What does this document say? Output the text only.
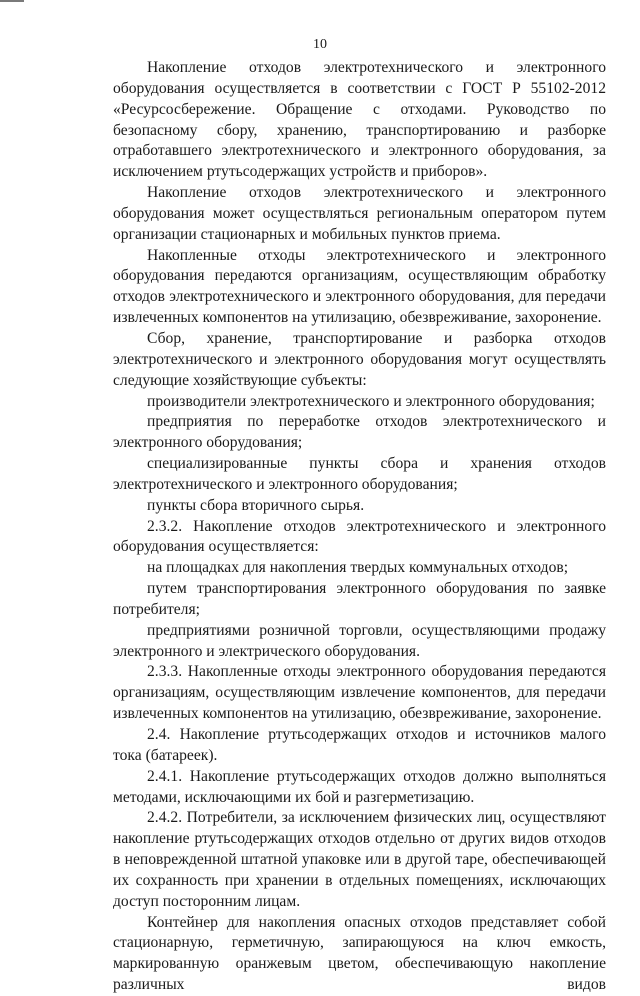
10

Накопление отходов электротехнического и электронного оборудования осуществляется в соответствии с ГОСТ Р 55102-2012 «Ресурсосбережение. Обращение с отходами. Руководство по безопасному сбору, хранению, транспортированию и разборке отработавшего электротехнического и электронного оборудования, за исключением ртутьсодержащих устройств и приборов».

Накопление отходов электротехнического и электронного оборудования может осуществляться региональным оператором путем организации стационарных и мобильных пунктов приема.

Накопленные отходы электротехнического и электронного оборудования передаются организациям, осуществляющим обработку отходов электротехнического и электронного оборудования, для передачи извлеченных компонентов на утилизацию, обезвреживание, захоронение.

Сбор, хранение, транспортирование и разборка отходов электротехнического и электронного оборудования могут осуществлять следующие хозяйствующие субъекты:

производители электротехнического и электронного оборудования;

предприятия по переработке отходов электротехнического и электронного оборудования;

специализированные пункты сбора и хранения отходов электротехнического и электронного оборудования;

пункты сбора вторичного сырья.

2.3.2. Накопление отходов электротехнического и электронного оборудования осуществляется:

на площадках для накопления твердых коммунальных отходов;

путем транспортирования электронного оборудования по заявке потребителя;

предприятиями розничной торговли, осуществляющими продажу электронного и электрического оборудования.

2.3.3. Накопленные отходы электронного оборудования передаются организациям, осуществляющим извлечение компонентов, для передачи извлеченных компонентов на утилизацию, обезвреживание, захоронение.

2.4. Накопление ртутьсодержащих отходов и источников малого тока (батареек).

2.4.1. Накопление ртутьсодержащих отходов должно выполняться методами, исключающими их бой и разгерметизацию.

2.4.2. Потребители, за исключением физических лиц, осуществляют накопление ртутьсодержащих отходов отдельно от других видов отходов в неповрежденной штатной упаковке или в другой таре, обеспечивающей их сохранность при хранении в отдельных помещениях, исключающих доступ посторонним лицам.

Контейнер для накопления опасных отходов представляет собой стационарную, герметичную, запирающуюся на ключ емкость, маркированную оранжевым цветом, обеспечивающую накопление различных видов
